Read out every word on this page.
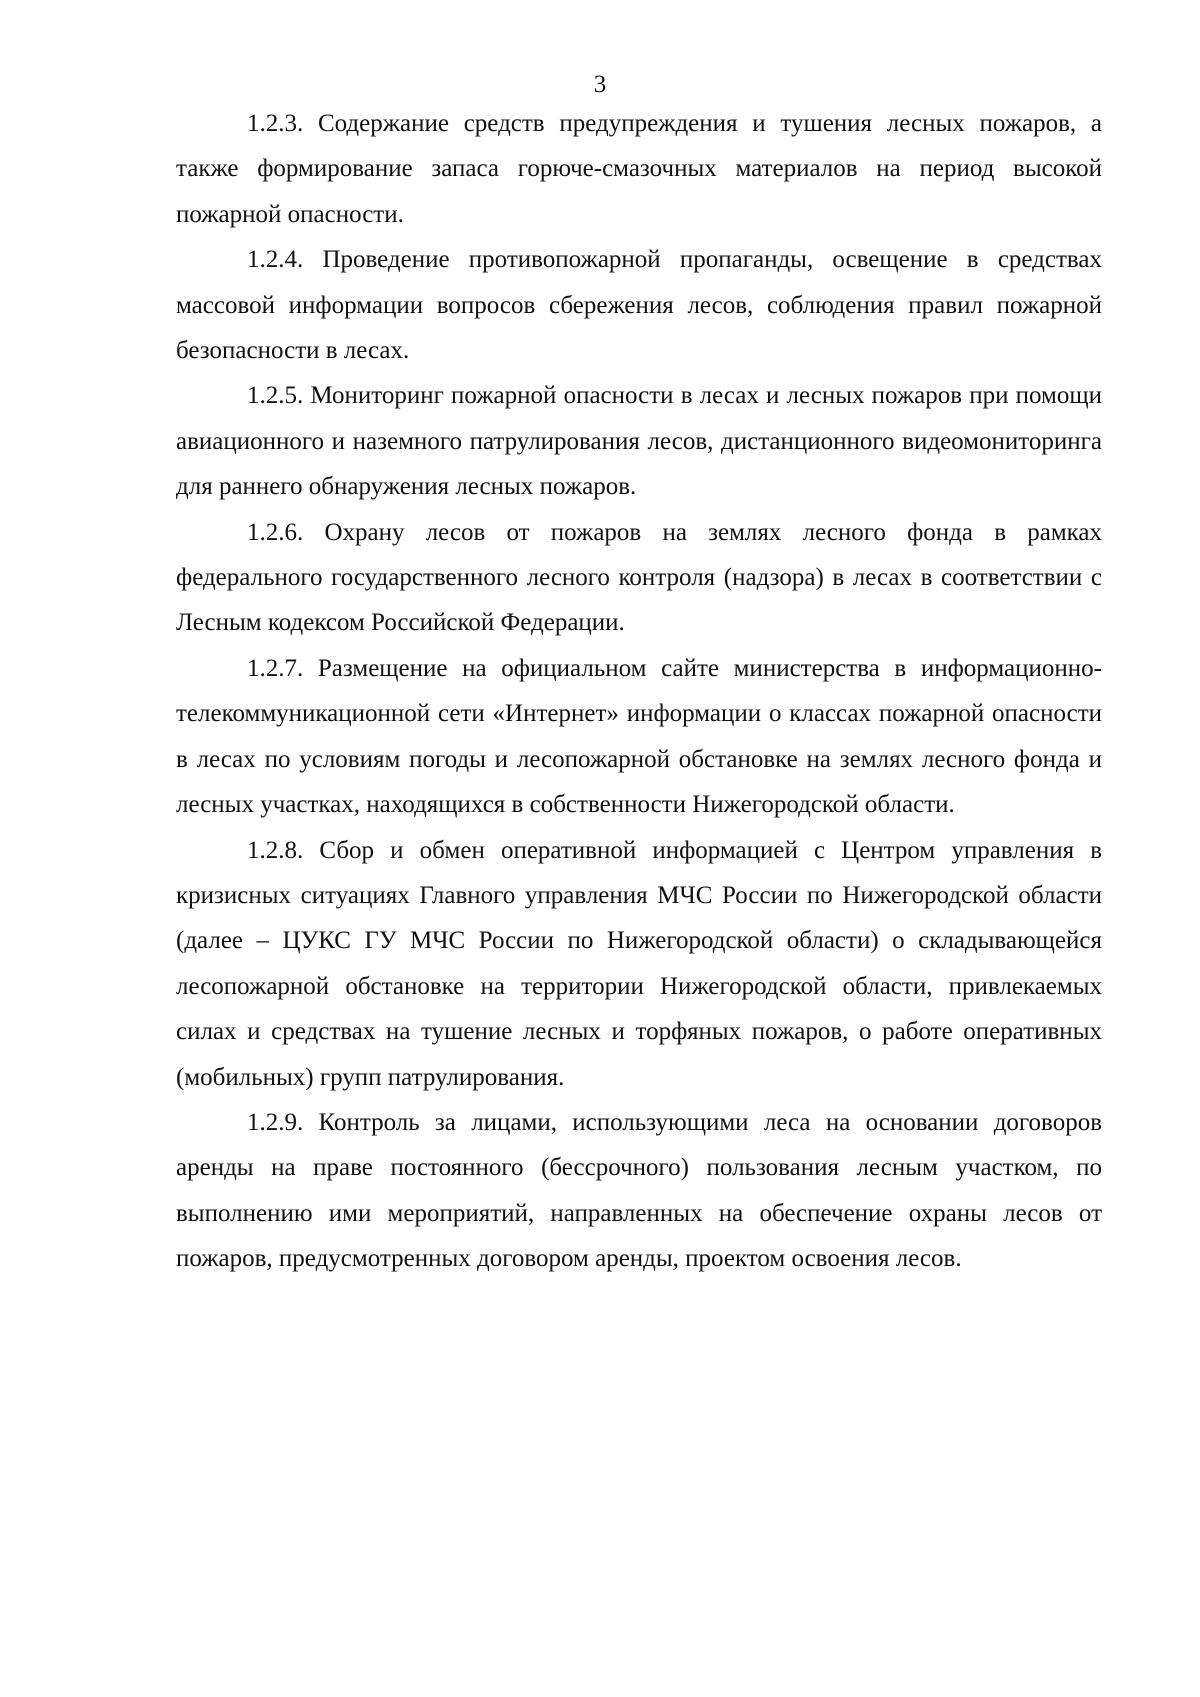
3

1.2.3. Содержание средств предупреждения и тушения лесных пожаров, а также формирование запаса горюче-смазочных материалов на период высокой пожарной опасности.

1.2.4. Проведение противопожарной пропаганды, освещение в средствах массовой информации вопросов сбережения лесов, соблюдения правил пожарной безопасности в лесах.

1.2.5. Мониторинг пожарной опасности в лесах и лесных пожаров при помощи авиационного и наземного патрулирования лесов, дистанционного видеомониторинга для раннего обнаружения лесных пожаров.

1.2.6. Охрану лесов от пожаров на землях лесного фонда в рамках федерального государственного лесного контроля (надзора) в лесах в соответствии с Лесным кодексом Российской Федерации.

1.2.7. Размещение на официальном сайте министерства в информационно-телекоммуникационной сети «Интернет» информации о классах пожарной опасности в лесах по условиям погоды и лесопожарной обстановке на землях лесного фонда и лесных участках, находящихся в собственности Нижегородской области.

1.2.8. Сбор и обмен оперативной информацией с Центром управления в кризисных ситуациях Главного управления МЧС России по Нижегородской области (далее – ЦУКС ГУ МЧС России по Нижегородской области) о складывающейся лесопожарной обстановке на территории Нижегородской области, привлекаемых силах и средствах на тушение лесных и торфяных пожаров, о работе оперативных (мобильных) групп патрулирования.

1.2.9. Контроль за лицами, использующими леса на основании договоров аренды на праве постоянного (бессрочного) пользования лесным участком, по выполнению ими мероприятий, направленных на обеспечение охраны лесов от пожаров, предусмотренных договором аренды, проектом освоения лесов.
